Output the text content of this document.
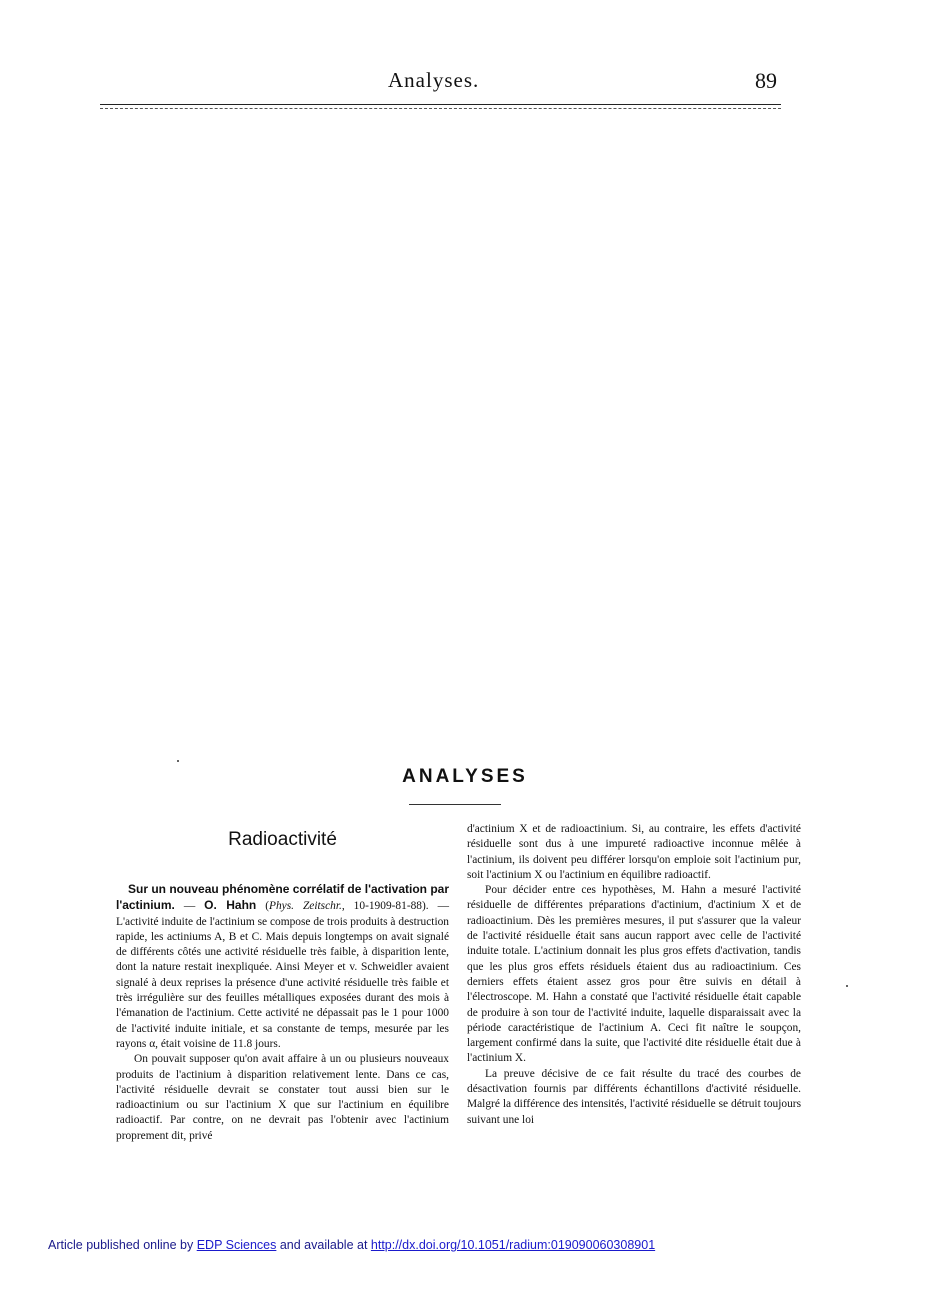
Analyses.	89
ANALYSES
Radioactivité

Sur un nouveau phénomène corrélatif de l'activation par l'actinium. — O. Hahn (Phys. Zeitschr., 10-1909-81-88). — L'activité induite de l'actinium se compose de trois produits à destruction rapide, les actiniums A, B et C. Mais depuis longtemps on avait signalé de différents côtés une activité résiduelle très faible, à disparition lente, dont la nature restait inexpliquée. Ainsi Meyer et v. Schweidler avaient signalé à deux reprises la présence d'une activité résiduelle très faible et très irrégulière sur des feuilles métalliques exposées durant des mois à l'émanation de l'actinium. Cette activité ne dépassait pas le 1 pour 1000 de l'activité induite initiale, et sa constante de temps, mesurée par les rayons α, était voisine de 11.8 jours.

On pouvait supposer qu'on avait affaire à un ou plusieurs nouveaux produits de l'actinium à disparition relativement lente. Dans ce cas, l'activité résiduelle devrait se constater tout aussi bien sur le radioactinium ou sur l'actinium X que sur l'actinium en équilibre radioactif. Par contre, on ne devrait pas l'obtenir avec l'actinium proprement dit, privé

d'actinium X et de radioactinium. Si, au contraire, les effets d'activité résiduelle sont dus à une impureté radioactive inconnue mêlée à l'actinium, ils doivent peu différer lorsqu'on emploie soit l'actinium pur, soit l'actinium X ou l'actinium en équilibre radioactif.

Pour décider entre ces hypothèses, M. Hahn a mesuré l'activité résiduelle de différentes préparations d'actinium, d'actinium X et de radioactinium. Dès les premières mesures, il put s'assurer que la valeur de l'activité résiduelle était sans aucun rapport avec celle de l'activité induite totale. L'actinium donnait les plus gros effets d'activation, tandis que les plus gros effets résiduels étaient dus au radioactinium. Ces derniers effets étaient assez gros pour être suivis en détail à l'électroscope. M. Hahn a constaté que l'activité résiduelle était capable de produire à son tour de l'activité induite, laquelle disparaissait avec la période caractéristique de l'actinium A. Ceci fit naître le soupçon, largement confirmé dans la suite, que l'activité dite résiduelle était due à l'actinium X.

La preuve décisive de ce fait résulte du tracé des courbes de désactivation fournis par différents échantillons d'activité résiduelle. Malgré la différence des intensités, l'activité résiduelle se détruit toujours suivant une loi

Article published online by EDP Sciences and available at http://dx.doi.org/10.1051/radium:019090060308901
